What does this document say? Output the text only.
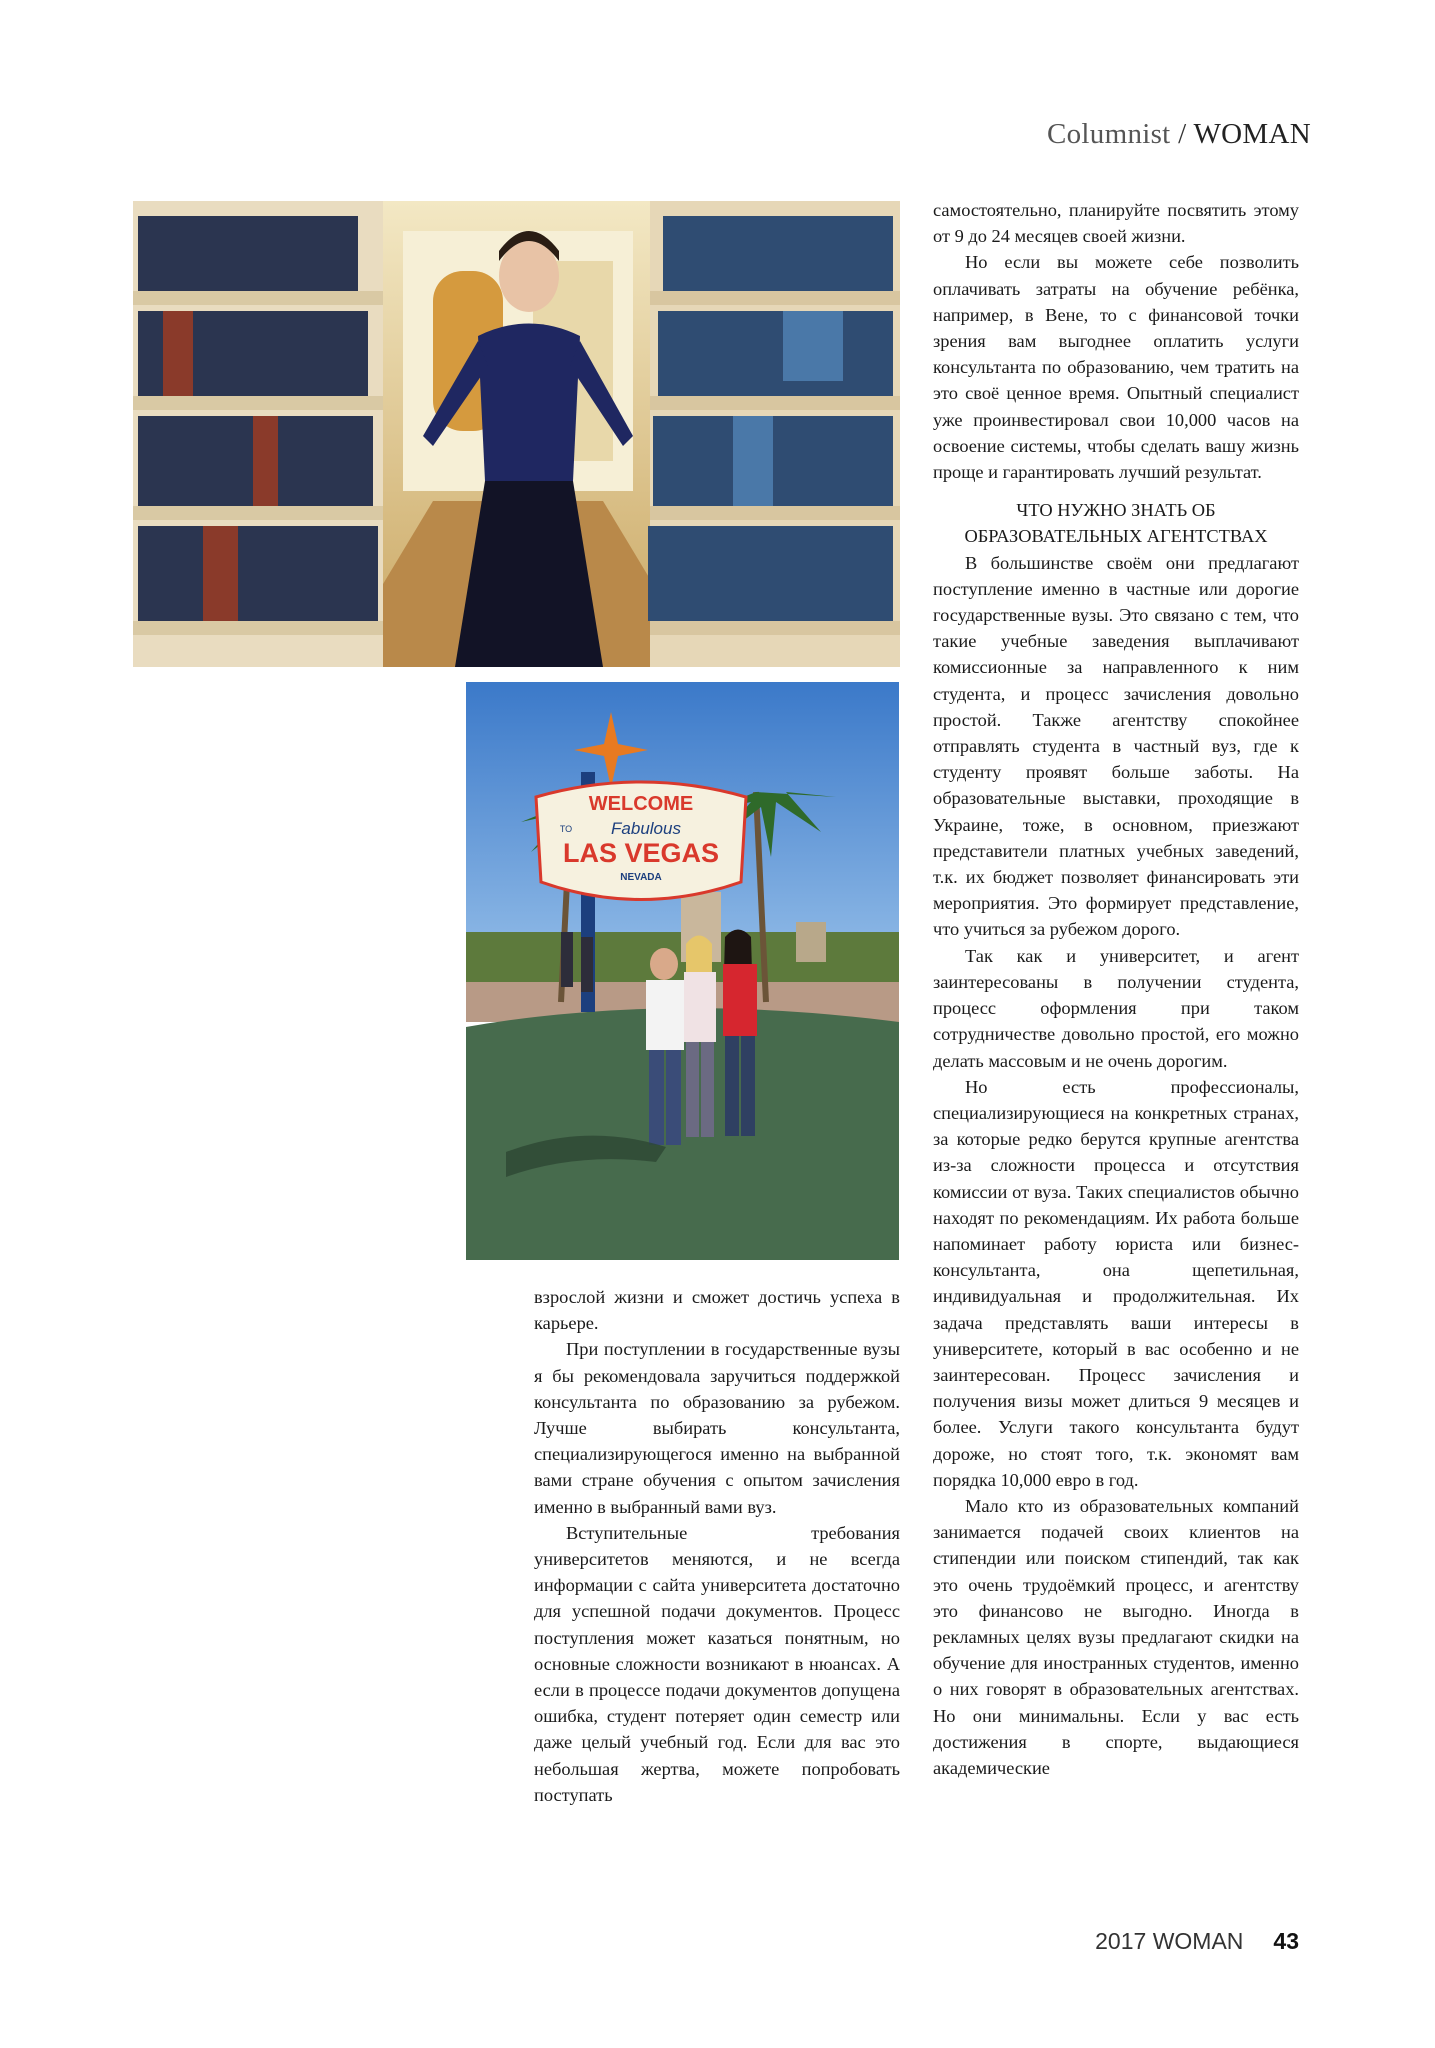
Columnist / WOMAN
WELCOME
TO Fabulous
LAS VEGAS
NEVADA

взрослой жизни и сможет достичь успеха в карьере.

При поступлении в государственные вузы я бы рекомендовала заручиться поддержкой консультанта по образованию за рубежом. Лучше выбирать консультанта, специализирующегося именно на выбранной вами стране обучения с опытом зачисления именно в выбранный вами вуз.

Вступительные требования университетов меняются, и не всегда информации с сайта университета достаточно для успешной подачи документов. Процесс поступления может казаться понятным, но основные сложности возникают в нюансах. А если в процессе подачи документов допущена ошибка, студент потеряет один семестр или даже целый учебный год. Если для вас это небольшая жертва, можете попробовать поступать

самостоятельно, планируйте посвятить этому от 9 до 24 месяцев своей жизни.

Но если вы можете себе позволить оплачивать затраты на обучение ребёнка, например, в Вене, то с финансовой точки зрения вам выгоднее оплатить услуги консультанта по образованию, чем тратить на это своё ценное время. Опытный специалист уже проинвестировал свои 10,000 часов на освоение системы, чтобы сделать вашу жизнь проще и гарантировать лучший результат.

ЧТО НУЖНО ЗНАТЬ ОБ
ОБРАЗОВАТЕЛЬНЫХ АГЕНТСТВАХ

В большинстве своём они предлагают поступление именно в частные или дорогие государственные вузы. Это связано с тем, что такие учебные заведения выплачивают комиссионные за направленного к ним студента, и процесс зачисления довольно простой. Также агентству спокойнее отправлять студента в частный вуз, где к студенту проявят больше заботы. На образовательные выставки, проходящие в Украине, тоже, в основном, приезжают представители платных учебных заведений, т.к. их бюджет позволяет финансировать эти мероприятия. Это формирует представление, что учиться за рубежом дорого.

Так как и университет, и агент заинтересованы в получении студента, процесс оформления при таком сотрудничестве довольно простой, его можно делать массовым и не очень дорогим.

Но есть профессионалы, специализирующиеся на конкретных странах, за которые редко берутся крупные агентства из-за сложности процесса и отсутствия комиссии от вуза. Таких специалистов обычно находят по рекомендациям. Их работа больше напоминает работу юриста или бизнес-консультанта, она щепетильная, индивидуальная и продолжительная. Их задача представлять ваши интересы в университете, который в вас особенно и не заинтересован. Процесс зачисления и получения визы может длиться 9 месяцев и более. Услуги такого консультанта будут дороже, но стоят того, т.к. экономят вам порядка 10,000 евро в год.

Мало кто из образовательных компаний занимается подачей своих клиентов на стипендии или поиском стипендий, так как это очень трудоёмкий процесс, и агентству это финансово не выгодно. Иногда в рекламных целях вузы предлагают скидки на обучение для иностранных студентов, именно о них говорят в образовательных агентствах. Но они минимальны. Если у вас есть достижения в спорте, выдающиеся академические

2017 WOMAN 43
